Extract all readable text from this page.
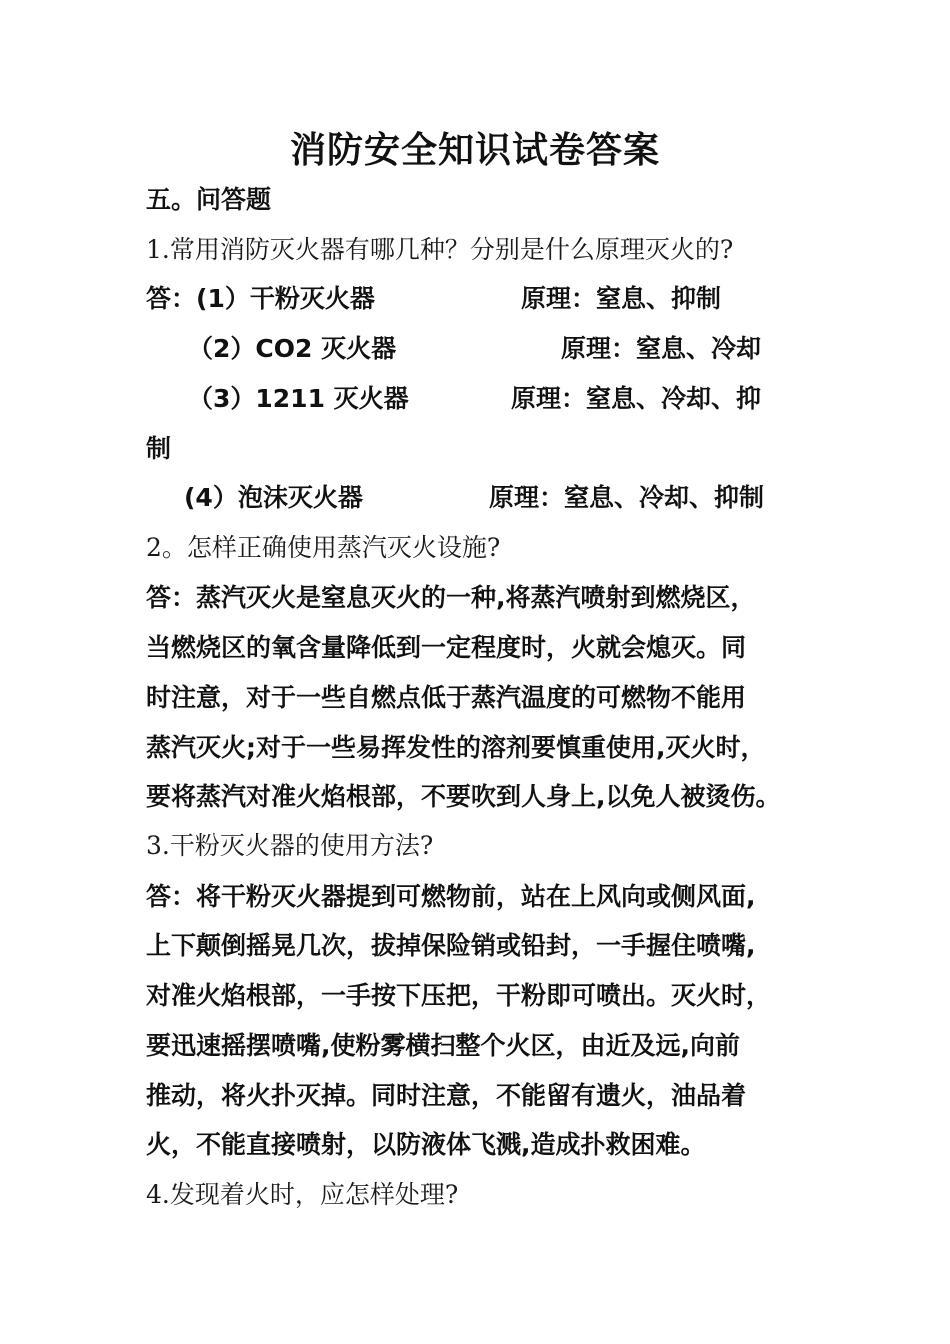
消防安全知识试卷答案
五。问答题
1.常用消防灭火器有哪几种？分别是什么原理灭火的?
答：(1）干粉灭火器	原理：窒息、抑制
（2）CO2 灭火器	原理：窒息、冷却
（3）1211 灭火器	原理：窒息、冷却、抑
制
(4）泡沫灭火器	原理：窒息、冷却、抑制
2。怎样正确使用蒸汽灭火设施?
答：蒸汽灭火是窒息灭火的一种,将蒸汽喷射到燃烧区，
当燃烧区的氧含量降低到一定程度时，火就会熄灭。同
时注意，对于一些自燃点低于蒸汽温度的可燃物不能用
蒸汽灭火;对于一些易挥发性的溶剂要慎重使用,灭火时，
要将蒸汽对准火焰根部，不要吹到人身上,以免人被烫伤。
3.干粉灭火器的使用方法?
答：将干粉灭火器提到可燃物前，站在上风向或侧风面,
上下颠倒摇晃几次，拔掉保险销或铅封，一手握住喷嘴,
对准火焰根部，一手按下压把，干粉即可喷出。灭火时，
要迅速摇摆喷嘴,使粉雾横扫整个火区，由近及远,向前
推动，将火扑灭掉。同时注意，不能留有遗火，油品着
火，不能直接喷射，以防液体飞溅,造成扑救困难。
4.发现着火时，应怎样处理?
